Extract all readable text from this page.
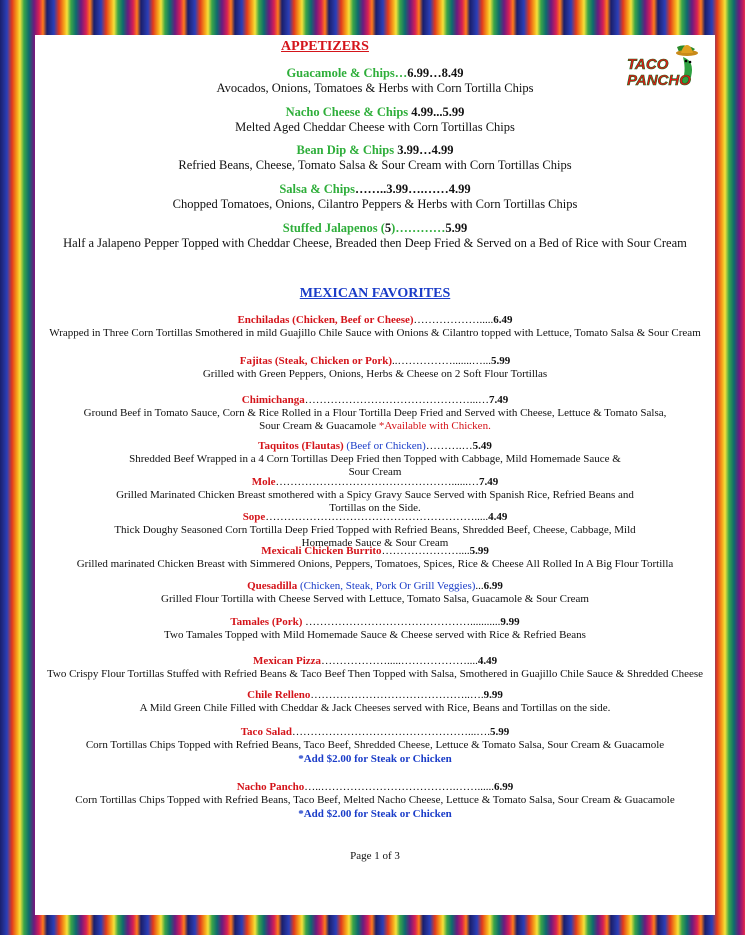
TACO
PANCHO
APPETIZERS
Guacamole & Chips…6.99…8.49
Avocados, Onions, Tomatoes & Herbs with Corn Tortilla Chips
Nacho Cheese & Chips 4.99...5.99
Melted Aged Cheddar Cheese with Corn Tortillas Chips
Bean Dip & Chips 3.99…4.99
Refried Beans, Cheese, Tomato Salsa & Sour Cream with Corn Tortillas Chips
Salsa & Chips……..3.99….……4.99
Chopped Tomatoes, Onions, Cilantro Peppers & Herbs with Corn Tortillas Chips
Stuffed Jalapenos (5)…………5.99
Half a Jalapeno Pepper Topped with Cheddar Cheese, Breaded then Deep Fried & Served on a Bed of Rice with Sour Cream
MEXICAN FAVORITES
Enchiladas (Chicken, Beef or Cheese)……………….....6.49
Wrapped in Three Corn Tortillas Smothered in mild Guajillo Chile Sauce with Onions & Cilantro topped with Lettuce, Tomato Salsa & Sour Cream
Fajitas (Steak, Chicken or Pork)..…………….......…...5.99
Grilled with Green Peppers, Onions, Herbs & Cheese on 2 Soft Flour Tortillas
Chimichanga………………………………………...…7.49
Ground Beef in Tomato Sauce, Corn & Rice Rolled in a Flour Tortilla Deep Fried and Served with Cheese, Lettuce & Tomato Salsa,
Sour Cream & Guacamole *Available with Chicken.
Taquitos (Flautas) (Beef or Chicken)……….…5.49
Shredded Beef Wrapped in a 4 Corn Tortillas Deep Fried then Topped with Cabbage, Mild Homemade Sauce &
Sour Cream
Mole…………………………………………......…7.49
Grilled Marinated Chicken Breast smothered with a Spicy Gravy Sauce Served with Spanish Rice, Refried Beans and
Tortillas on the Side.
Sope………………………………………………….....4.49
Thick Doughy Seasoned Corn Tortilla Deep Fried Topped with Refried Beans, Shredded Beef, Cheese, Cabbage, Mild
Homemade Sauce & Sour Cream
Mexicali Chicken Burrito…………………....5.99
Grilled marinated Chicken Breast with Simmered Onions, Peppers, Tomatoes, Spices, Rice & Cheese All Rolled In A Big Flour Tortilla
Quesadilla (Chicken, Steak, Pork Or Grill Veggies)...6.99
Grilled Flour Tortilla with Cheese Served with Lettuce, Tomato Salsa, Guacamole & Sour Cream
Tamales (Pork) ………………………………………...........9.99
Two Tamales Topped with Mild Homemade Sauce & Cheese served with Rice & Refried Beans
Mexican Pizza……………….....………………....4.49
Two Crispy Flour Tortillas Stuffed with Refried Beans & Taco Beef Then Topped with Salsa, Smothered in Guajillo Chile Sauce & Shredded Cheese
Chile Relleno……………………………………..….9.99
A Mild Green Chile Filled with Cheddar & Jack Cheeses served with Rice, Beans and Tortillas on the side.
Taco Salad…………………………………………...….5.99
Corn Tortillas Chips Topped with Refried Beans, Taco Beef, Shredded Cheese, Lettuce & Tomato Salsa, Sour Cream & Guacamole
*Add $2.00 for Steak or Chicken
Nacho Pancho…..……………………………….……......6.99
Corn Tortillas Chips Topped with Refried Beans, Taco Beef, Melted Nacho Cheese, Lettuce & Tomato Salsa, Sour Cream & Guacamole
*Add $2.00 for Steak or Chicken
Page 1 of 3
